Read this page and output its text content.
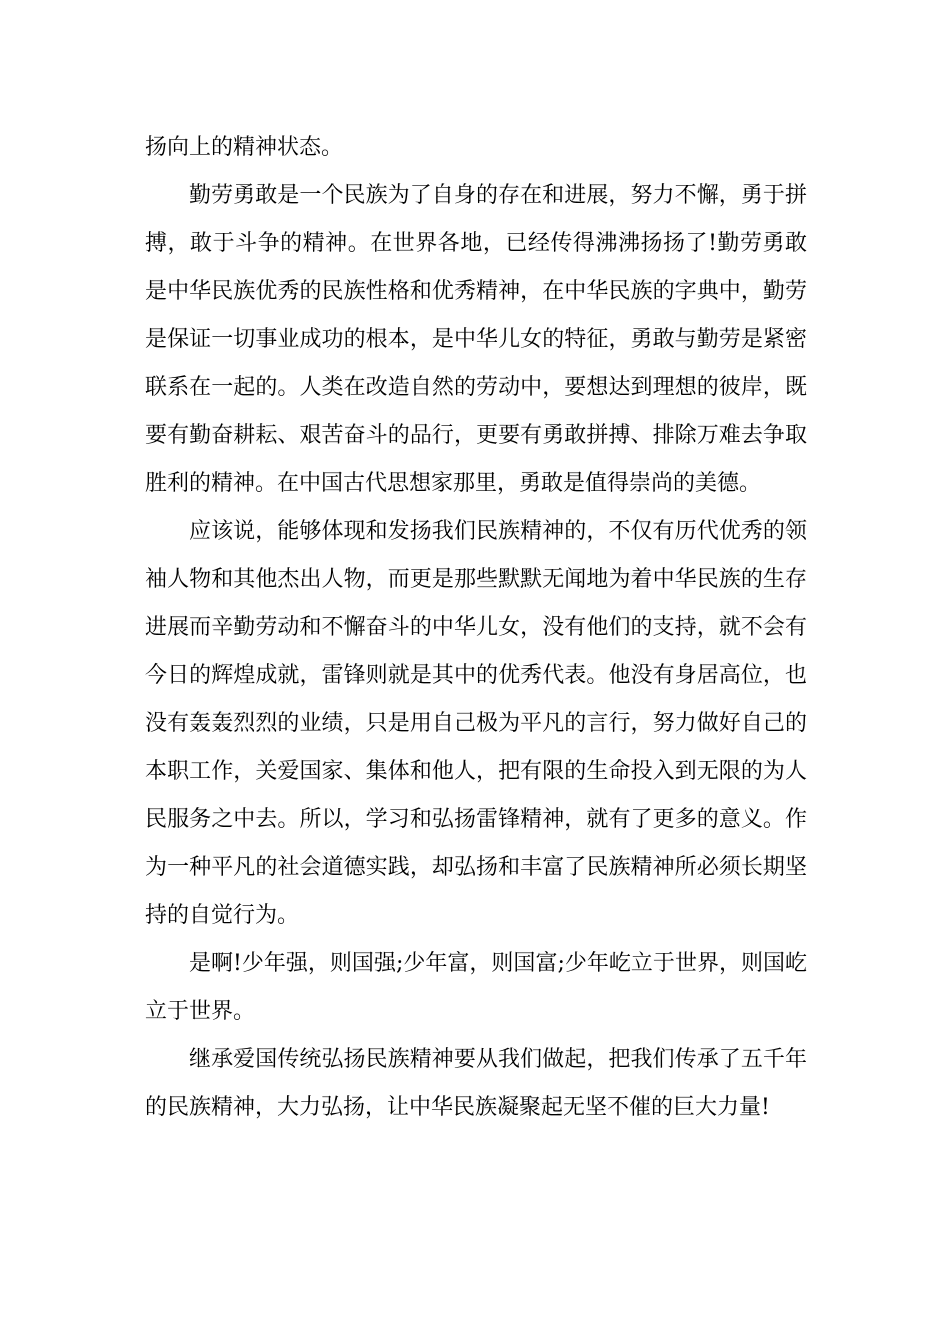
扬向上的精神状态。

勤劳勇敢是一个民族为了自身的存在和进展，努力不懈，勇于拼搏，敢于斗争的精神。在世界各地，已经传得沸沸扬扬了!勤劳勇敢是中华民族优秀的民族性格和优秀精神，在中华民族的字典中，勤劳是保证一切事业成功的根本，是中华儿女的特征，勇敢与勤劳是紧密联系在一起的。人类在改造自然的劳动中，要想达到理想的彼岸，既要有勤奋耕耘、艰苦奋斗的品行，更要有勇敢拼搏、排除万难去争取胜利的精神。在中国古代思想家那里，勇敢是值得崇尚的美德。

应该说，能够体现和发扬我们民族精神的，不仅有历代优秀的领袖人物和其他杰出人物，而更是那些默默无闻地为着中华民族的生存进展而辛勤劳动和不懈奋斗的中华儿女，没有他们的支持，就不会有今日的辉煌成就，雷锋则就是其中的优秀代表。他没有身居高位，也没有轰轰烈烈的业绩，只是用自己极为平凡的言行，努力做好自己的本职工作，关爱国家、集体和他人，把有限的生命投入到无限的为人民服务之中去。所以，学习和弘扬雷锋精神，就有了更多的意义。作为一种平凡的社会道德实践，却弘扬和丰富了民族精神所必须长期坚持的自觉行为。

是啊!少年强，则国强;少年富，则国富;少年屹立于世界，则国屹立于世界。

继承爱国传统弘扬民族精神要从我们做起，把我们传承了五千年的民族精神，大力弘扬，让中华民族凝聚起无坚不催的巨大力量!
